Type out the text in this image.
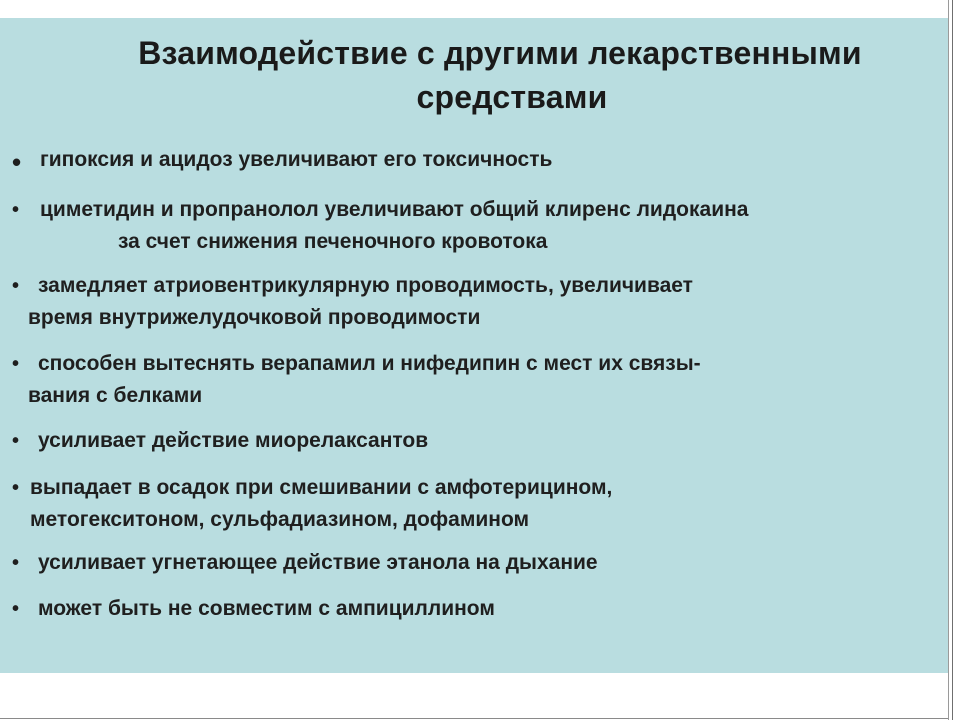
Взаимодействие с другими лекарственными
средствами
• гипоксия и ацидоз увеличивают его токсичность
• циметидин и пропранолол увеличивают общий клиренс лидокаина
за счет снижения печеночного кровотока
• замедляет атриовентрикулярную проводимость, увеличивает
время внутрижелудочковой проводимости
• способен вытеснять верапамил и нифедипин с мест их связы-
вания с белками
• усиливает действие миорелаксантов
• выпадает в осадок при смешивании с амфотерицином,
метогекситоном, сульфадиазином, дофамином
• усиливает угнетающее действие этанола на дыхание
• может быть не совместим с ампициллином
